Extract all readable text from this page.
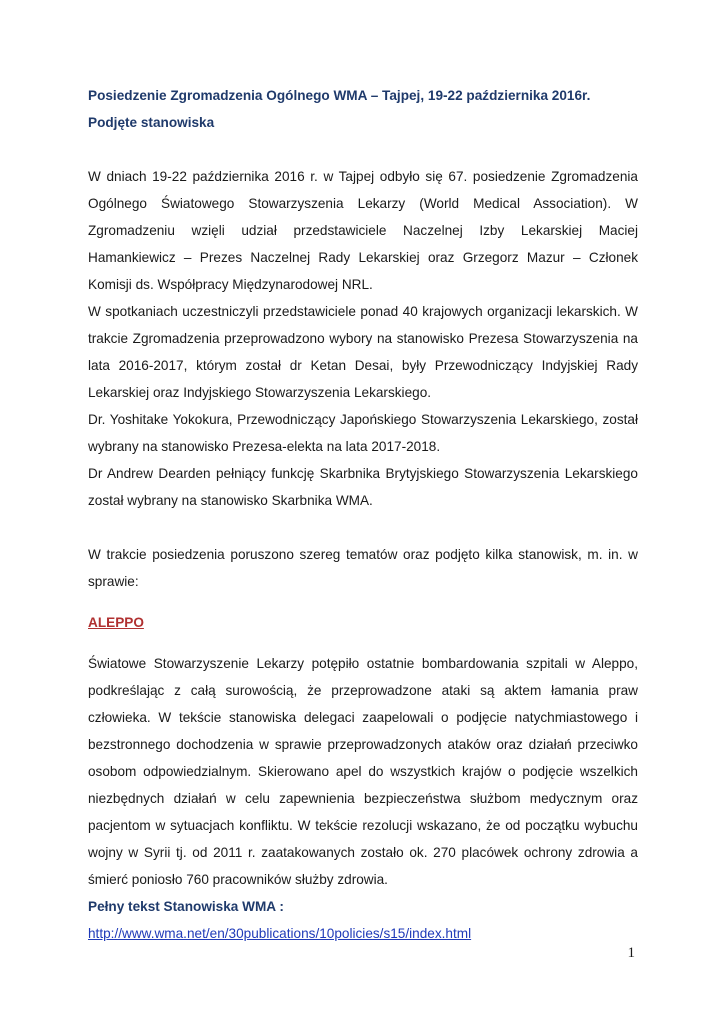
Posiedzenie Zgromadzenia Ogólnego WMA – Tajpej, 19-22 października 2016r. Podjęte stanowiska

W dniach 19-22 października 2016 r. w Tajpej odbyło się 67. posiedzenie Zgromadzenia Ogólnego Światowego Stowarzyszenia Lekarzy (World Medical Association). W Zgromadzeniu wzięli udział przedstawiciele Naczelnej Izby Lekarskiej Maciej Hamankiewicz – Prezes Naczelnej Rady Lekarskiej oraz Grzegorz Mazur – Członek Komisji ds. Współpracy Międzynarodowej NRL.

W spotkaniach uczestniczyli przedstawiciele ponad 40 krajowych organizacji lekarskich. W trakcie Zgromadzenia przeprowadzono wybory na stanowisko Prezesa Stowarzyszenia na lata 2016-2017, którym został dr Ketan Desai, były Przewodniczący Indyjskiej Rady Lekarskiej oraz Indyjskiego Stowarzyszenia Lekarskiego.

Dr. Yoshitake Yokokura, Przewodniczący Japońskiego Stowarzyszenia Lekarskiego, został wybrany na stanowisko Prezesa-elekta na lata 2017-2018.

Dr Andrew Dearden pełniący funkcję Skarbnika Brytyjskiego Stowarzyszenia Lekarskiego został wybrany na stanowisko Skarbnika WMA.

W trakcie posiedzenia poruszono szereg tematów oraz podjęto kilka stanowisk, m. in. w sprawie:

ALEPPO

Światowe Stowarzyszenie Lekarzy potępiło ostatnie bombardowania szpitali w Aleppo, podkreślając z całą surowością, że przeprowadzone ataki są aktem łamania praw człowieka. W tekście stanowiska delegaci zaapelowali o podjęcie natychmiastowego i bezstronnego dochodzenia w sprawie przeprowadzonych ataków oraz działań przeciwko osobom odpowiedzialnym. Skierowano apel do wszystkich krajów o podjęcie wszelkich niezbędnych działań w celu zapewnienia bezpieczeństwa służbom medycznym oraz pacjentom w sytuacjach konfliktu. W tekście rezolucji wskazano, że od początku wybuchu wojny w Syrii tj. od 2011 r. zaatakowanych zostało ok. 270 placówek ochrony zdrowia a śmierć poniosło 760 pracowników służby zdrowia.

Pełny tekst Stanowiska WMA :

http://www.wma.net/en/30publications/10policies/s15/index.html
1
